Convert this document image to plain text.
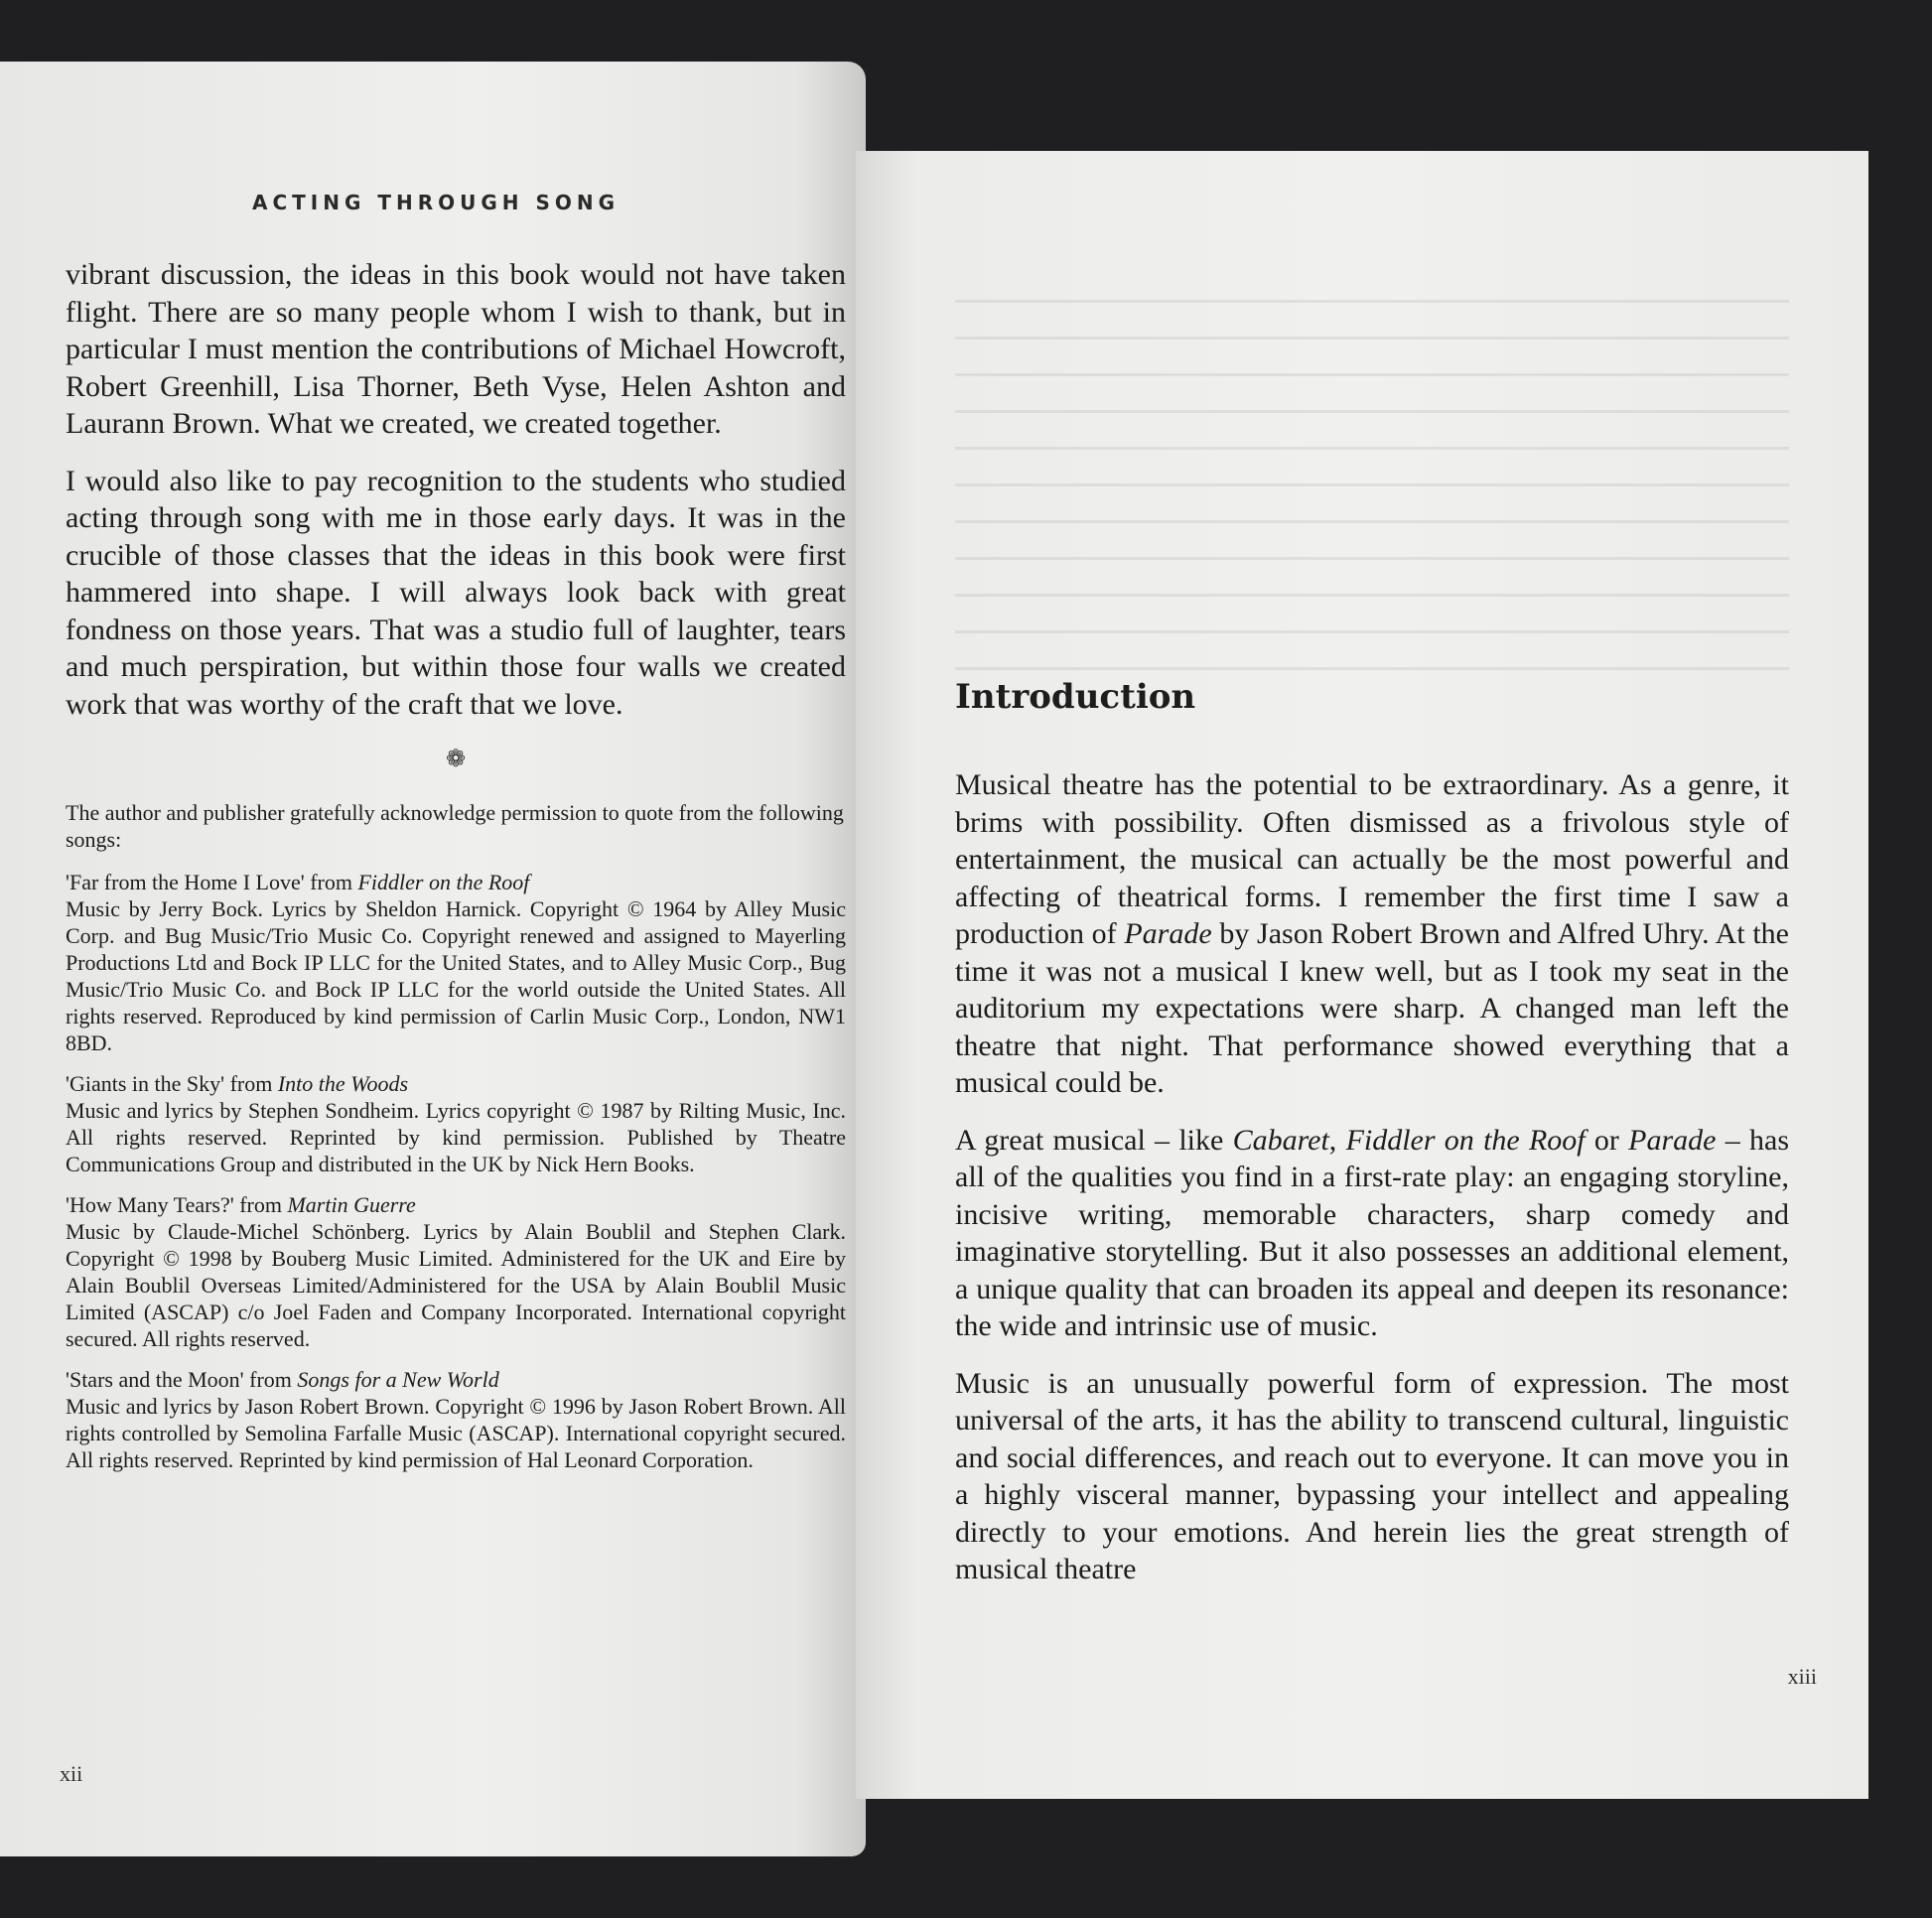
ACTING THROUGH SONG

vibrant discussion, the ideas in this book would not have taken flight. There are so many people whom I wish to thank, but in particular I must mention the contributions of Michael Howcroft, Robert Greenhill, Lisa Thorner, Beth Vyse, Helen Ashton and Laurann Brown. What we created, we created together.

I would also like to pay recognition to the students who studied acting through song with me in those early days. It was in the crucible of those classes that the ideas in this book were first hammered into shape. I will always look back with great fondness on those years. That was a studio full of laughter, tears and much perspiration, but within those four walls we created work that was worthy of the craft that we love.

❁

The author and publisher gratefully acknowledge permission to quote from the following songs:

'Far from the Home I Love' from Fiddler on the Roof
Music by Jerry Bock. Lyrics by Sheldon Harnick. Copyright © 1964 by Alley Music Corp. and Bug Music/Trio Music Co. Copyright renewed and assigned to Mayerling Productions Ltd and Bock IP LLC for the United States, and to Alley Music Corp., Bug Music/Trio Music Co. and Bock IP LLC for the world outside the United States. All rights reserved. Reproduced by kind permission of Carlin Music Corp., London, NW1 8BD.
'Giants in the Sky' from Into the Woods
Music and lyrics by Stephen Sondheim. Lyrics copyright © 1987 by Rilting Music, Inc. All rights reserved. Reprinted by kind permission. Published by Theatre Communications Group and distributed in the UK by Nick Hern Books.
'How Many Tears?' from Martin Guerre
Music by Claude-Michel Schönberg. Lyrics by Alain Boublil and Stephen Clark. Copyright © 1998 by Bouberg Music Limited. Administered for the UK and Eire by Alain Boublil Overseas Limited/Administered for the USA by Alain Boublil Music Limited (ASCAP) c/o Joel Faden and Company Incorporated. International copyright secured. All rights reserved.
'Stars and the Moon' from Songs for a New World
Music and lyrics by Jason Robert Brown. Copyright © 1996 by Jason Robert Brown. All rights controlled by Semolina Farfalle Music (ASCAP). International copyright secured. All rights reserved. Reprinted by kind permission of Hal Leonard Corporation.
xii
Introduction

Musical theatre has the potential to be extraordinary. As a genre, it brims with possibility. Often dismissed as a frivolous style of entertainment, the musical can actually be the most powerful and affecting of theatrical forms. I remember the first time I saw a production of Parade by Jason Robert Brown and Alfred Uhry. At the time it was not a musical I knew well, but as I took my seat in the auditorium my expectations were sharp. A changed man left the theatre that night. That performance showed everything that a musical could be.

A great musical – like Cabaret, Fiddler on the Roof or Parade – has all of the qualities you find in a first-rate play: an engaging storyline, incisive writing, memorable characters, sharp comedy and imaginative storytelling. But it also possesses an additional element, a unique quality that can broaden its appeal and deepen its resonance: the wide and intrinsic use of music.

Music is an unusually powerful form of expression. The most universal of the arts, it has the ability to transcend cultural, linguistic and social differences, and reach out to everyone. It can move you in a highly visceral manner, bypassing your intellect and appealing directly to your emotions. And herein lies the great strength of musical theatre

xiii
